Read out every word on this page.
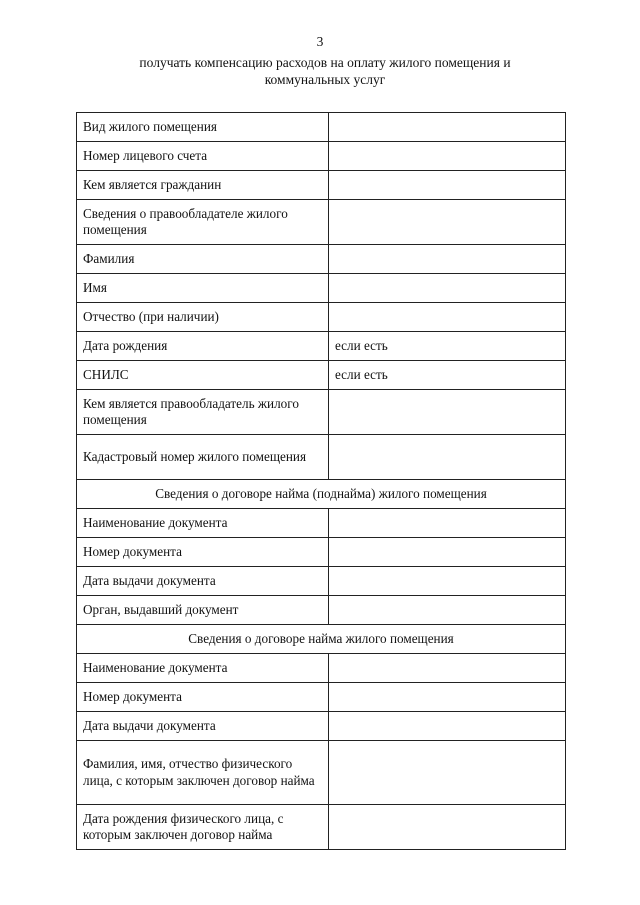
3
получать компенсацию расходов на оплату жилого помещения и
коммунальных услуг
Вид жилого помещения	
Номер лицевого счета	
Кем является гражданин	
Сведения о правообладателе жилого помещения	
Фамилия	
Имя	
Отчество (при наличии)	
Дата рождения	если есть
СНИЛС	если есть
Кем является правообладатель жилого помещения	
Кадастровый номер жилого помещения	
Сведения о договоре найма (поднайма) жилого помещения	
Наименование документа	
Номер документа	
Дата выдачи документа	
Орган, выдавший документ	
Сведения о договоре найма жилого помещения	
Наименование документа	
Номер документа	
Дата выдачи документа	
Фамилия, имя, отчество физического лица, с которым заключен договор найма	
Дата рождения физического лица, с которым заключен договор найма	
